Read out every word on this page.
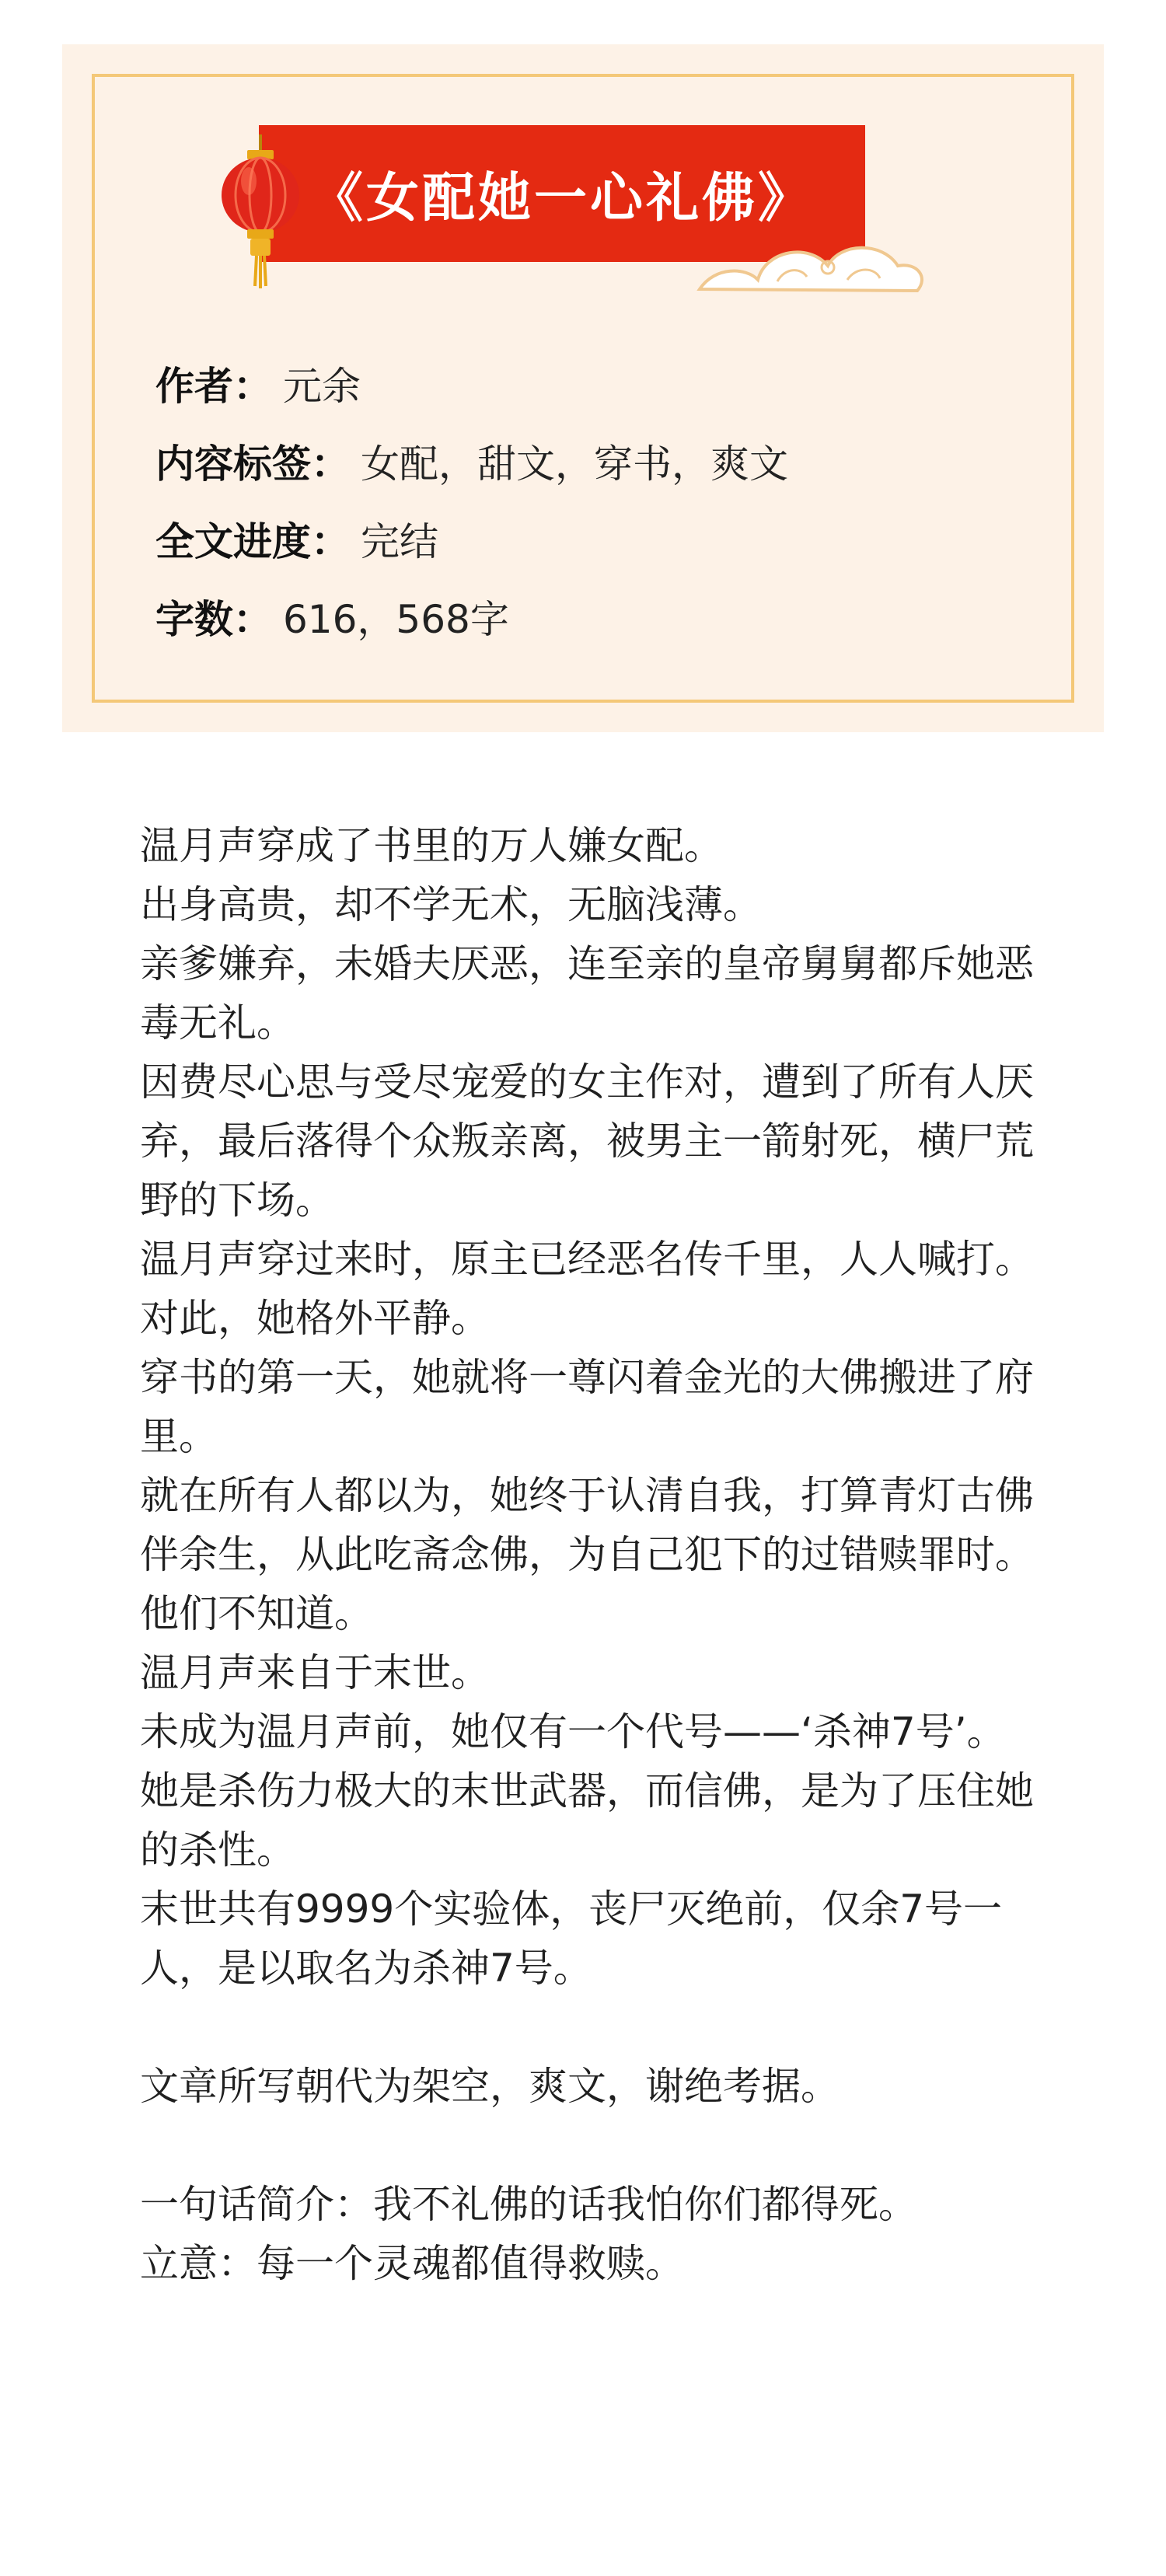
《女配她一心礼佛》
作者： 元余
内容标签： 女配，甜文，穿书，爽文
全文进度： 完结
字数： 616，568字

温月声穿成了书里的万人嫌女配。

出身高贵，却不学无术，无脑浅薄。

亲爹嫌弃，未婚夫厌恶，连至亲的皇帝舅舅都斥她恶毒无礼。

因费尽心思与受尽宠爱的女主作对，遭到了所有人厌弃，最后落得个众叛亲离，被男主一箭射死，横尸荒野的下场。

温月声穿过来时，原主已经恶名传千里，人人喊打。

对此，她格外平静。

穿书的第一天，她就将一尊闪着金光的大佛搬进了府里。

就在所有人都以为，她终于认清自我，打算青灯古佛伴余生，从此吃斋念佛，为自己犯下的过错赎罪时。

他们不知道。

温月声来自于末世。

未成为温月声前，她仅有一个代号——‘杀神7号’。

她是杀伤力极大的末世武器，而信佛，是为了压住她的杀性。

末世共有9999个实验体，丧尸灭绝前，仅余7号一人，是以取名为杀神7号。

文章所写朝代为架空，爽文，谢绝考据。

一句话简介：我不礼佛的话我怕你们都得死。

立意：每一个灵魂都值得救赎。
